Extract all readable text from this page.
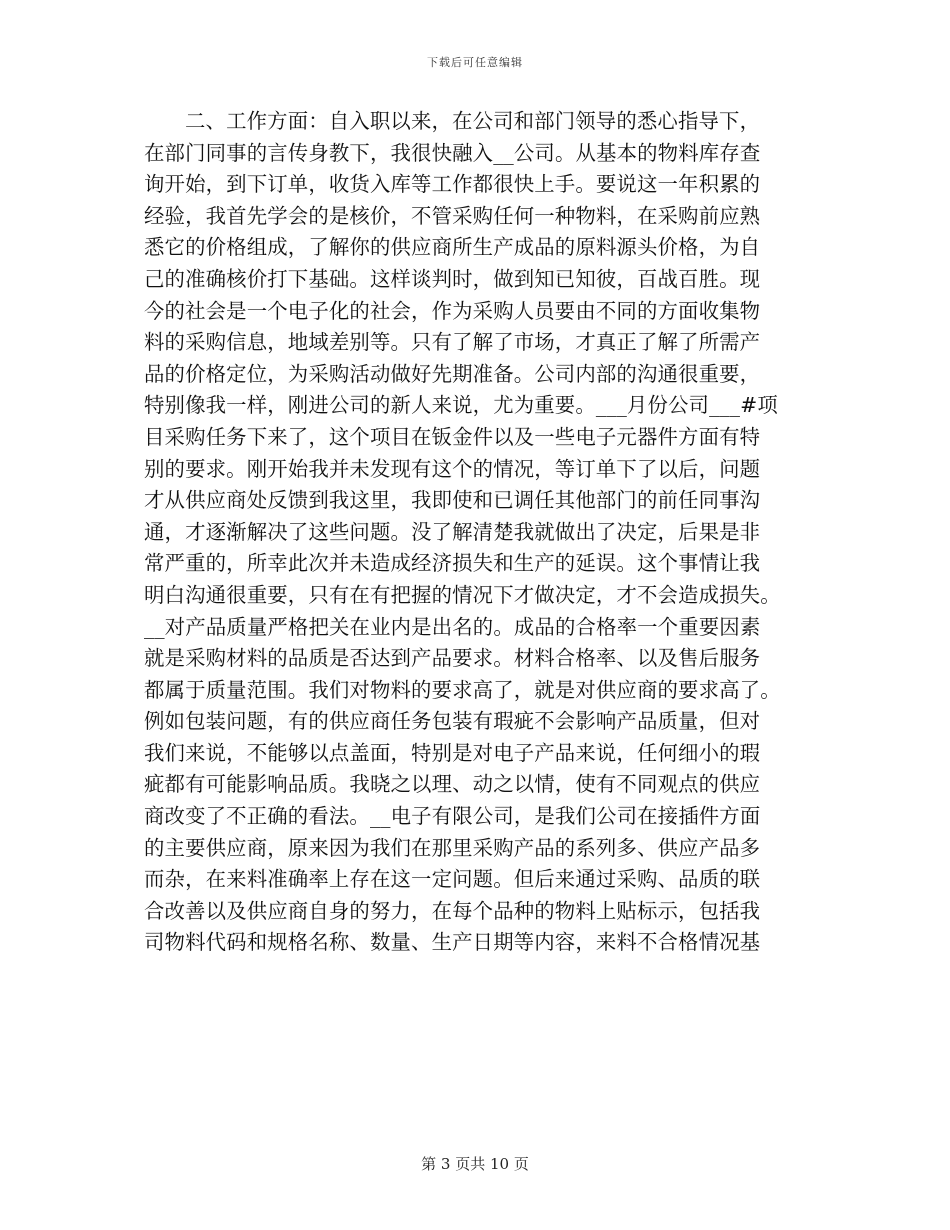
下载后可任意编辑
二、工作方面：自入职以来，在公司和部门领导的悉心指导下，
在部门同事的言传身教下，我很快融入__公司。从基本的物料库存查
询开始，到下订单，收货入库等工作都很快上手。要说这一年积累的
经验，我首先学会的是核价，不管采购任何一种物料，在采购前应熟
悉它的价格组成，了解你的供应商所生产成品的原料源头价格，为自
己的准确核价打下基础。这样谈判时，做到知已知彼，百战百胜。现
今的社会是一个电子化的社会，作为采购人员要由不同的方面收集物
料的采购信息，地域差别等。只有了解了市场，才真正了解了所需产
品的价格定位，为采购活动做好先期准备。公司内部的沟通很重要，
特别像我一样，刚进公司的新人来说，尤为重要。___月份公司___#项
目采购任务下来了，这个项目在钣金件以及一些电子元器件方面有特
别的要求。刚开始我并未发现有这个的情况，等订单下了以后，问题
才从供应商处反馈到我这里，我即使和已调任其他部门的前任同事沟
通，才逐渐解决了这些问题。没了解清楚我就做出了决定，后果是非
常严重的，所幸此次并未造成经济损失和生产的延误。这个事情让我
明白沟通很重要，只有在有把握的情况下才做决定，才不会造成损失。
__对产品质量严格把关在业内是出名的。成品的合格率一个重要因素
就是采购材料的品质是否达到产品要求。材料合格率、以及售后服务
都属于质量范围。我们对物料的要求高了，就是对供应商的要求高了。
例如包装问题，有的供应商任务包装有瑕疵不会影响产品质量，但对
我们来说，不能够以点盖面，特别是对电子产品来说，任何细小的瑕
疵都有可能影响品质。我晓之以理、动之以情，使有不同观点的供应
商改变了不正确的看法。__电子有限公司，是我们公司在接插件方面
的主要供应商，原来因为我们在那里采购产品的系列多、供应产品多
而杂，在来料准确率上存在这一定问题。但后来通过采购、品质的联
合改善以及供应商自身的努力，在每个品种的物料上贴标示，包括我
司物料代码和规格名称、数量、生产日期等内容，来料不合格情况基
第 3 页共 10 页
